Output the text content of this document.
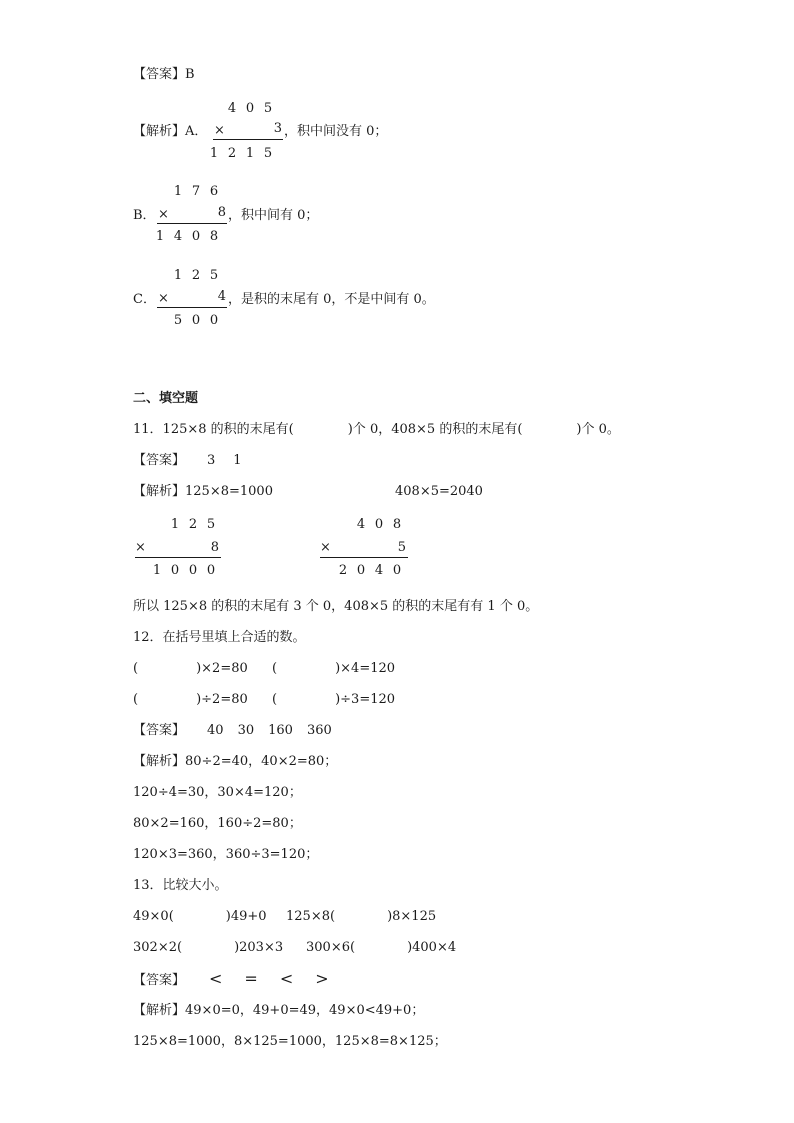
【答案】B
4 0 5
【解析】A． ×	3 ，积中间没有 0；
1 2 1 5
1 7 6
B． ×	8 ，积中间有 0；
1 4 0 8
1 2 5
C． ×	4 ，是积的末尾有 0，不是中间有 0。
5 0 0
二、填空题
11．125×8 的积的末尾有(	)个 0，408×5 的积的末尾有(	)个 0。
【答案】 3 1
【解析】125×8=1000	408×5=2040
1 2 5
×	8
1 0 0 0
4 0 8
×	5
2 0 4 0
所以 125×8 的积的末尾有 3 个 0，408×5 的积的末尾有有 1 个 0。
12．在括号里填上合适的数。
(	)×2=80 (	)×4=120
(	)÷2=80 (	)÷3=120
【答案】 40 30 160 360
【解析】80÷2=40，40×2=80；
120÷4=30，30×4=120；
80×2=160，160÷2=80；
120×3=360，360÷3=120；
13．比较大小。
49×0(	)49+0 125×8(	)8×125
302×2(	)203×3 300×6(	)400×4
【答案】 < = < >
【解析】49×0=0，49+0=49，49×0<49+0；
125×8=1000，8×125=1000，125×8=8×125；
